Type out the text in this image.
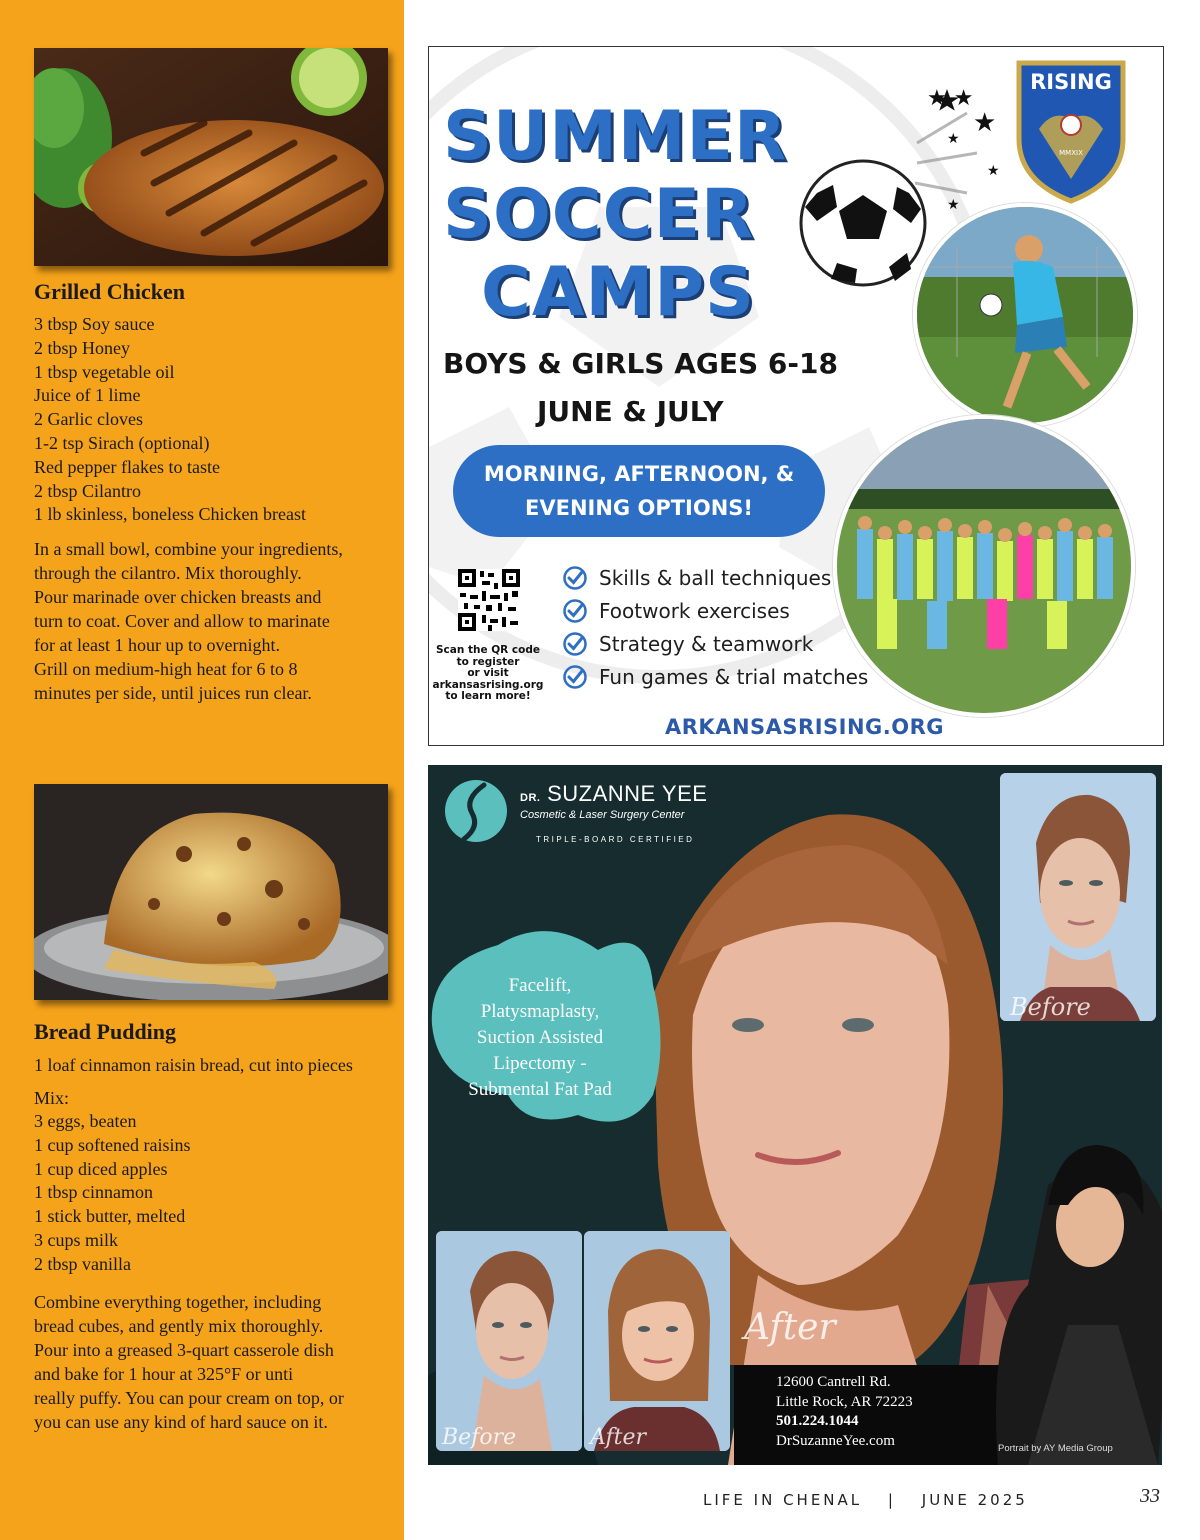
Grilled Chicken
3 tbsp Soy sauce
2 tbsp Honey
1 tbsp vegetable oil
Juice of 1 lime
2 Garlic cloves
1-2 tsp Sirach (optional)
Red pepper flakes to taste
2 tbsp Cilantro
1 lb skinless, boneless Chicken breast
In a small bowl, combine your ingredients,
through the cilantro. Mix thoroughly.
Pour marinade over chicken breasts and
turn to coat. Cover and allow to marinate
for at least 1 hour up to overnight.
Grill on medium-high heat for 6 to 8
minutes per side, until juices run clear.
Bread Pudding
1 loaf cinnamon raisin bread, cut into pieces
Mix:
3 eggs, beaten
1 cup softened raisins
1 cup diced apples
1 tbsp cinnamon
1 stick butter, melted
3 cups milk
2 tbsp vanilla
Combine everything together, including
bread cubes, and gently mix thoroughly.
Pour into a greased 3-quart casserole dish
and bake for 1 hour at 325°F or unti
really puffy. You can pour cream on top, or
you can use any kind of hard sauce on it.
SUMMER
SOCCER
CAMPS
★ ★
★
★
★
★
RISING
MMXIX
BOYS & GIRLS AGES 6-18
JUNE & JULY
MORNING, AFTERNOON, &
EVENING OPTIONS!
Scan the QR code
to register
or visit
arkansasrising.org
to learn more!
Skills & ball techniques
Footwork exercises
Strategy & teamwork
Fun games & trial matches
ARKANSASRISING.ORG
Before
Before	After
After
DR. SUZANNE YEE
Cosmetic & Laser Surgery Center
TRIPLE-BOARD CERTIFIED
Facelift,
Platysmaplasty,
Suction Assisted
Lipectomy -
Submental Fat Pad
12600 Cantrell Rd.
Little Rock, AR 72223
501.224.1044
DrSuzanneYee.com	Portrait by AY Media Group
LIFE IN CHENAL | JUNE 2025	33
